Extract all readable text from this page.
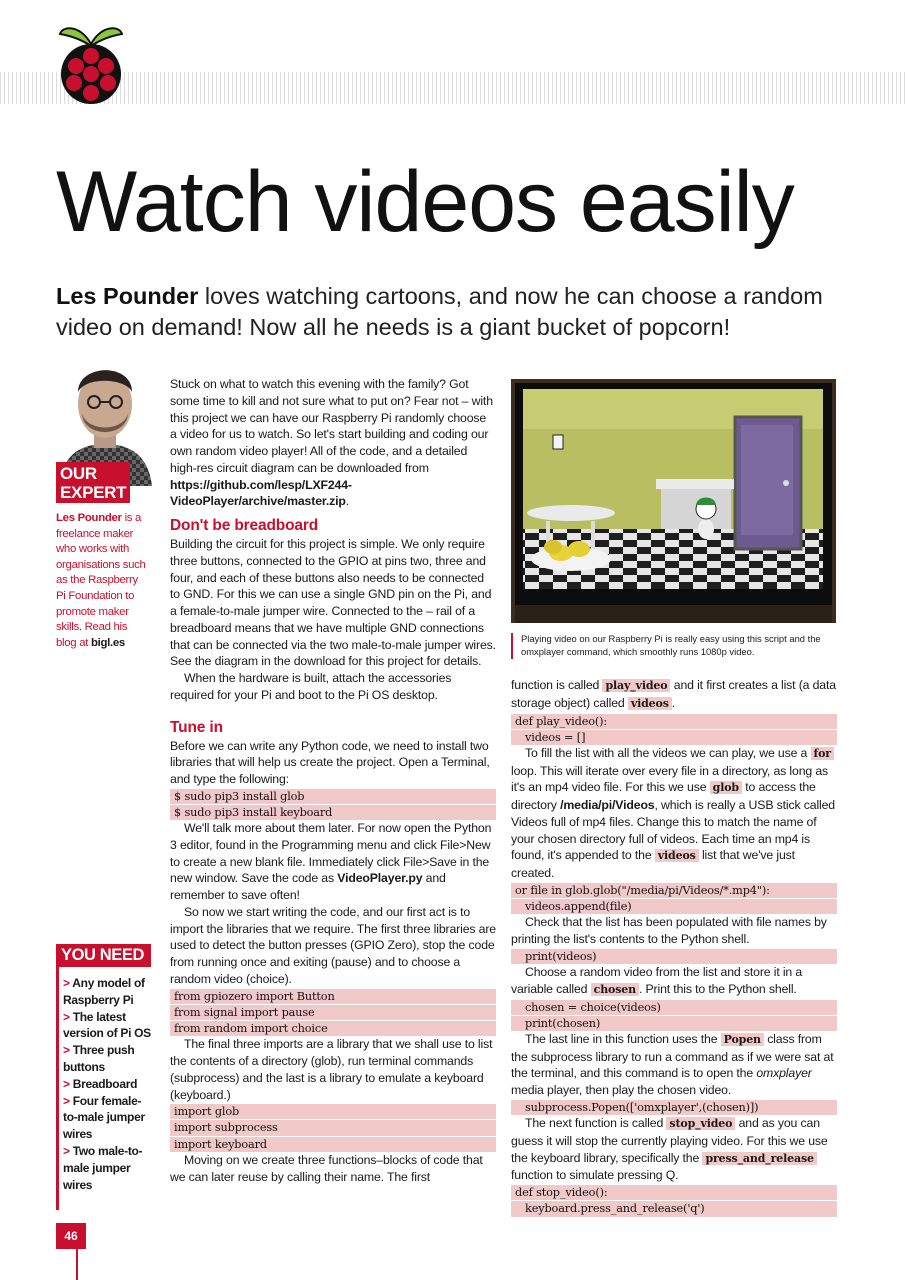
Watch videos easily

Les Pounder loves watching cartoons, and now he can choose a random video on demand! Now all he needs is a giant bucket of popcorn!

OUR
EXPERT
Les Pounder is a freelance maker who works with organisations such as the Raspberry Pi Foundation to promote maker skills. Read his blog at bigl.es
YOU NEED
> Any model of Raspberry Pi
> The latest version of Pi OS
> Three push buttons
> Breadboard
> Four female-to-male jumper wires
> Two male-to-male jumper wires

Stuck on what to watch this evening with the family? Got some time to kill and not sure what to put on? Fear not – with this project we can have our Raspberry Pi randomly choose a video for us to watch. So let's start building and coding our own random video player! All of the code, and a detailed high-res circuit diagram can be downloaded from https://github.com/lesp/LXF244-VideoPlayer/archive/master.zip.

Don't be breadboard

Building the circuit for this project is simple. We only require three buttons, connected to the GPIO at pins two, three and four, and each of these buttons also needs to be connected to GND. For this we can use a single GND pin on the Pi, and a female-to-male jumper wire. Connected to the – rail of a breadboard means that we have multiple GND connections that can be connected via the two male-to-male jumper wires. See the diagram in the download for this project for details.

When the hardware is built, attach the accessories required for your Pi and boot to the Pi OS desktop.

Tune in

Before we can write any Python code, we need to install two libraries that will help us create the project. Open a Terminal, and type the following:

$ sudo pip3 install glob
$ sudo pip3 install keyboard

We'll talk more about them later. For now open the Python 3 editor, found in the Programming menu and click File>New to create a new blank file. Immediately click File>Save in the new window. Save the code as VideoPlayer.py and remember to save often!

So now we start writing the code, and our first act is to import the libraries that we require. The first three libraries are used to detect the button presses (GPIO Zero), stop the code from running once and exiting (pause) and to choose a random video (choice).

from gpiozero import Button
from signal import pause
from random import choice

The final three imports are a library that we shall use to list the contents of a directory (glob), run terminal commands (subprocess) and the last is a library to emulate a keyboard (keyboard.)

import glob
import subprocess
import keyboard

Moving on we create three functions–blocks of code that we can later reuse by calling their name. The first

Playing video on our Raspberry Pi is really easy using this script and the omxplayer command, which smoothly runs 1080p video.

function is called play_video and it first creates a list (a data storage object) called videos .

def play_video():
videos = []

To fill the list with all the videos we can play, we use a for loop. This will iterate over every file in a directory, as long as it's an mp4 video file. For this we use glob to access the directory /media/pi/Videos, which is really a USB stick called Videos full of mp4 files. Change this to match the name of your chosen directory full of videos. Each time an mp4 is found, it's appended to the videos list that we've just created.

or file in glob.glob("/media/pi/Videos/*.mp4"):
videos.append(file)

Check that the list has been populated with file names by printing the list's contents to the Python shell.

print(videos)

Choose a random video from the list and store it in a variable called chosen . Print this to the Python shell.

chosen = choice(videos)
print(chosen)

The last line in this function uses the Popen class from the subprocess library to run a command as if we were sat at the terminal, and this command is to open the omxplayer media player, then play the chosen video.

subprocess.Popen(['omxplayer',(chosen)])

The next function is called stop_video and as you can guess it will stop the currently playing video. For this we use the keyboard library, specifically the press_and_release function to simulate pressing Q.

def stop_video():
keyboard.press_and_release('q')
46
